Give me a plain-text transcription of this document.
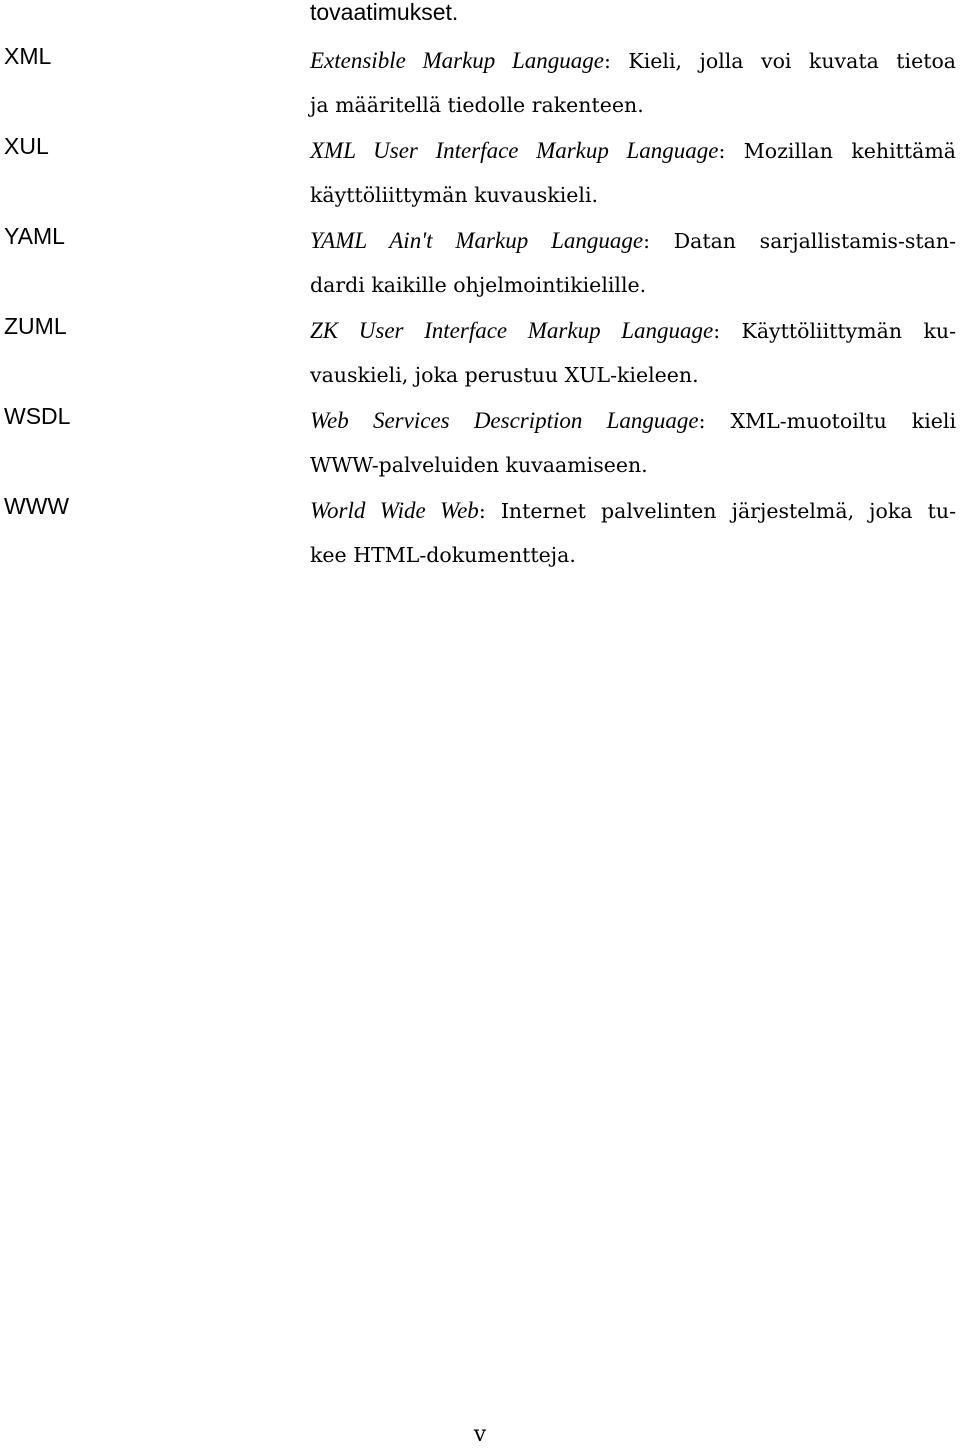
tovaatimukset.
XML	Extensible Markup Language: Kieli, jolla voi kuvata tietoa
ja määritellä tiedolle rakenteen.
XUL	XML User Interface Markup Language: Mozillan kehittämä
käyttöliittymän kuvauskieli.
YAML	YAML Ain't Markup Language: Datan sarjallistamis-stan-
dardi kaikille ohjelmointikielille.
ZUML	ZK User Interface Markup Language: Käyttöliittymän ku-
vauskieli, joka perustuu XUL-kieleen.
WSDL	Web Services Description Language: XML-muotoiltu kieli
WWW-palveluiden kuvaamiseen.
WWW	World Wide Web: Internet palvelinten järjestelmä, joka tu-
kee HTML-dokumentteja.
v
